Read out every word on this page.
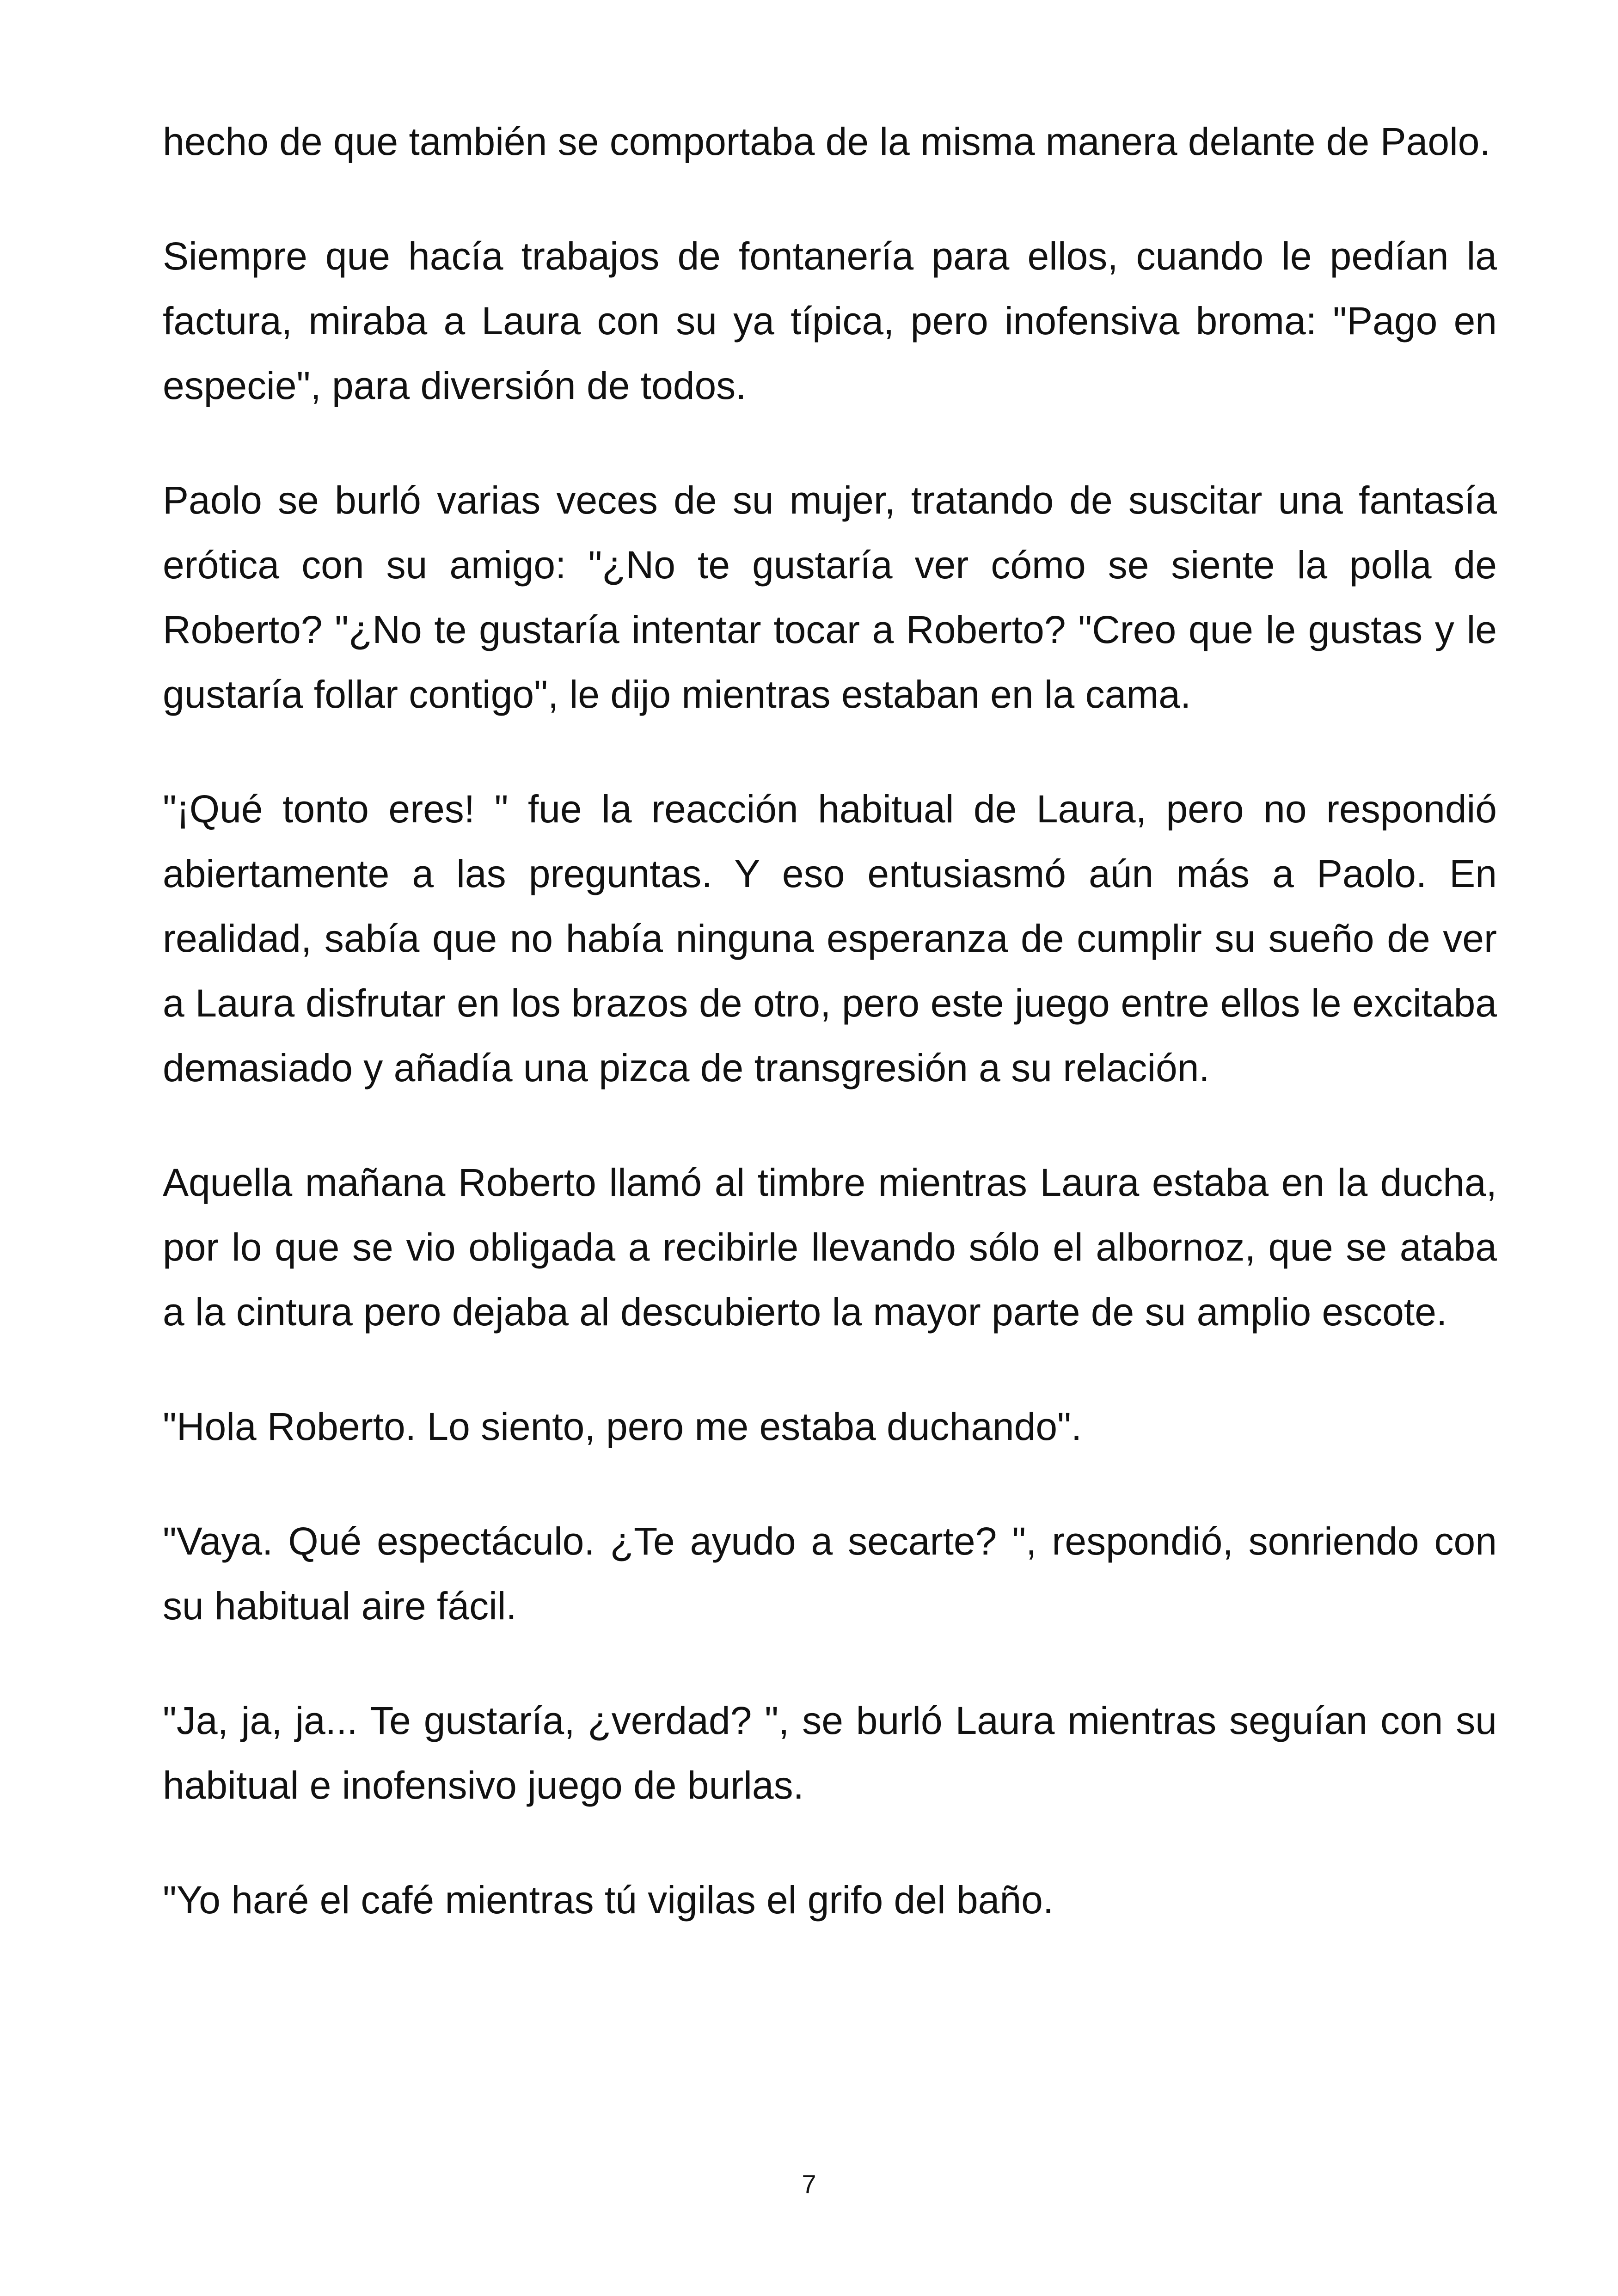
hecho de que también se comportaba de la misma manera delante de Paolo.

Siempre que hacía trabajos de fontanería para ellos, cuando le pedían la factura, miraba a Laura con su ya típica, pero inofensiva broma: "Pago en especie", para diversión de todos.

Paolo se burló varias veces de su mujer, tratando de suscitar una fantasía erótica con su amigo: "¿No te gustaría ver cómo se siente la polla de Roberto? "¿No te gustaría intentar tocar a Roberto? "Creo que le gustas y le gustaría follar contigo", le dijo mientras estaban en la cama.

"¡Qué tonto eres! " fue la reacción habitual de Laura, pero no respondió abiertamente a las preguntas. Y eso entusiasmó aún más a Paolo. En realidad, sabía que no había ninguna esperanza de cumplir su sueño de ver a Laura disfrutar en los brazos de otro, pero este juego entre ellos le excitaba demasiado y añadía una pizca de transgresión a su relación.

Aquella mañana Roberto llamó al timbre mientras Laura estaba en la ducha, por lo que se vio obligada a recibirle llevando sólo el albornoz, que se ataba a la cintura pero dejaba al descubierto la mayor parte de su amplio escote.

"Hola Roberto. Lo siento, pero me estaba duchando".

"Vaya. Qué espectáculo. ¿Te ayudo a secarte? ", respondió, sonriendo con su habitual aire fácil.

"Ja, ja, ja... Te gustaría, ¿verdad? ", se burló Laura mientras seguían con su habitual e inofensivo juego de burlas.

"Yo haré el café mientras tú vigilas el grifo del baño.

7
